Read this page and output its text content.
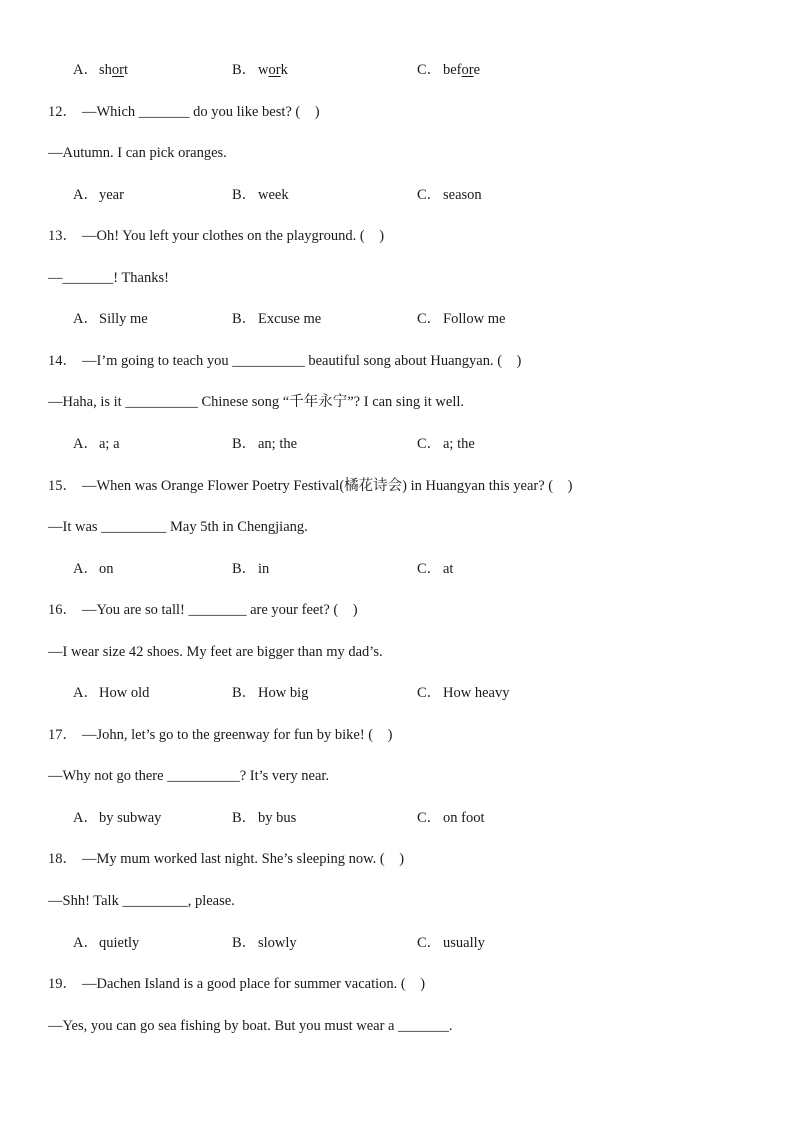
A．short	B． work	C． before
12． —Which _______ do you like best? (　)
—Autumn. I can pick oranges.
A．year	B． week	C． season
13． —Oh! You left your clothes on the playground. (　)
—_______! Thanks!
A．Silly me	B． Excuse me	C． Follow me
14． —I’m going to teach you __________ beautiful song about Huangyan. (　)
—Haha, is it __________ Chinese song “千年永宁”? I can sing it well.
A．a; a	B． an; the	C． a; the
15． —When was Orange Flower Poetry Festival(橘花诗会) in Huangyan this year? (　)
—It was _________ May 5th in Chengjiang.
A．on	B． in	C． at
16． —You are so tall! ________ are your feet? (　)
—I wear size 42 shoes. My feet are bigger than my dad’s.
A．How old	B． How big	C． How heavy
17． —John, let’s go to the greenway for fun by bike! (　)
—Why not go there __________? It’s very near.
A．by subway	B． by bus	C． on foot
18． —My mum worked last night. She’s sleeping now. (　)
—Shh! Talk _________, please.
A．quietly	B． slowly	C． usually
19． —Dachen Island is a good place for summer vacation. (　)
—Yes, you can go sea fishing by boat. But you must wear a _______.
